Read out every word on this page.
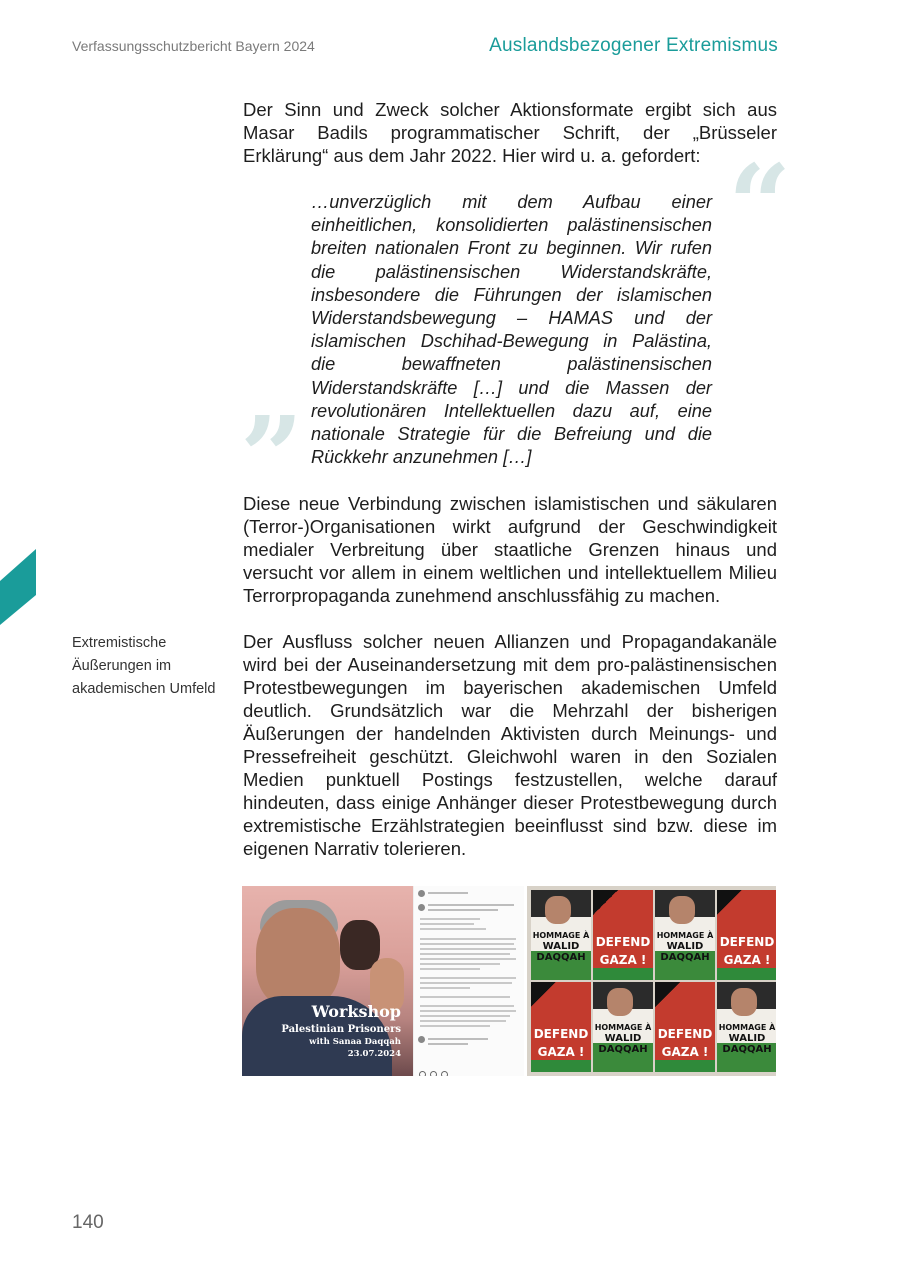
Verfassungsschutzbericht Bayern 2024	Auslandsbezogener Extremismus
Der Sinn und Zweck solcher Aktionsformate ergibt sich aus Masar Badils programmatischer Schrift, der „Brüsseler Erklärung“ aus dem Jahr 2022. Hier wird u. a. gefordert: “
…unverzüglich mit dem Aufbau einer einheitlichen, konsolidierten palästinensischen breiten nationalen Front zu beginnen. Wir rufen die palästinensischen Widerstandskräfte, insbesondere die Führungen der islamischen Widerstandsbewegung – HAMAS und der islamischen Dschihad-Bewegung in Palästina, die bewaffneten palästinensischen Widerstandskräfte […] und die Massen der revolutionären Intellektuellen dazu auf, eine nationale Strategie für die Befreiung und die Rückkehr anzunehmen […]
”
Diese neue Verbindung zwischen islamistischen und säkularen (Terror-)Organisationen wirkt aufgrund der Geschwindigkeit medialer Verbreitung über staatliche Grenzen hinaus und versucht vor allem in einem weltlichen und intellektuellem Milieu Terrorpropaganda zunehmend anschlussfähig zu machen.
Extremistische Äußerungen im akademischen Umfeld
Der Ausfluss solcher neuen Allianzen und Propagandakanäle wird bei der Auseinandersetzung mit dem pro-palästinensischen Protestbewegungen im bayerischen akademischen Umfeld deutlich. Grundsätzlich war die Mehrzahl der bisherigen Äußerungen der handelnden Aktivisten durch Meinungs- und Pressefreiheit geschützt. Gleichwohl waren in den Sozialen Medien punktuell Postings festzustellen, welche darauf hindeuten, dass einige Anhänger dieser Protestbewegung durch extremistische Erzählstrategien beeinflusst sind bzw. diese im eigenen Narrativ tolerieren.
Workshop
Palestinian Prisoners
with Sanaa Daqqah
23.07.2024
HOMMAGE À
WALID
DAQQAH
DEFEND
GAZA !
HOMMAGE À
WALID
DAQQAH
DEFEND
GAZA !
DEFEND
GAZA !
HOMMAGE À
WALID
DAQQAH
DEFEND
GAZA !
HOMMAGE À
WALID
DAQQAH
140
